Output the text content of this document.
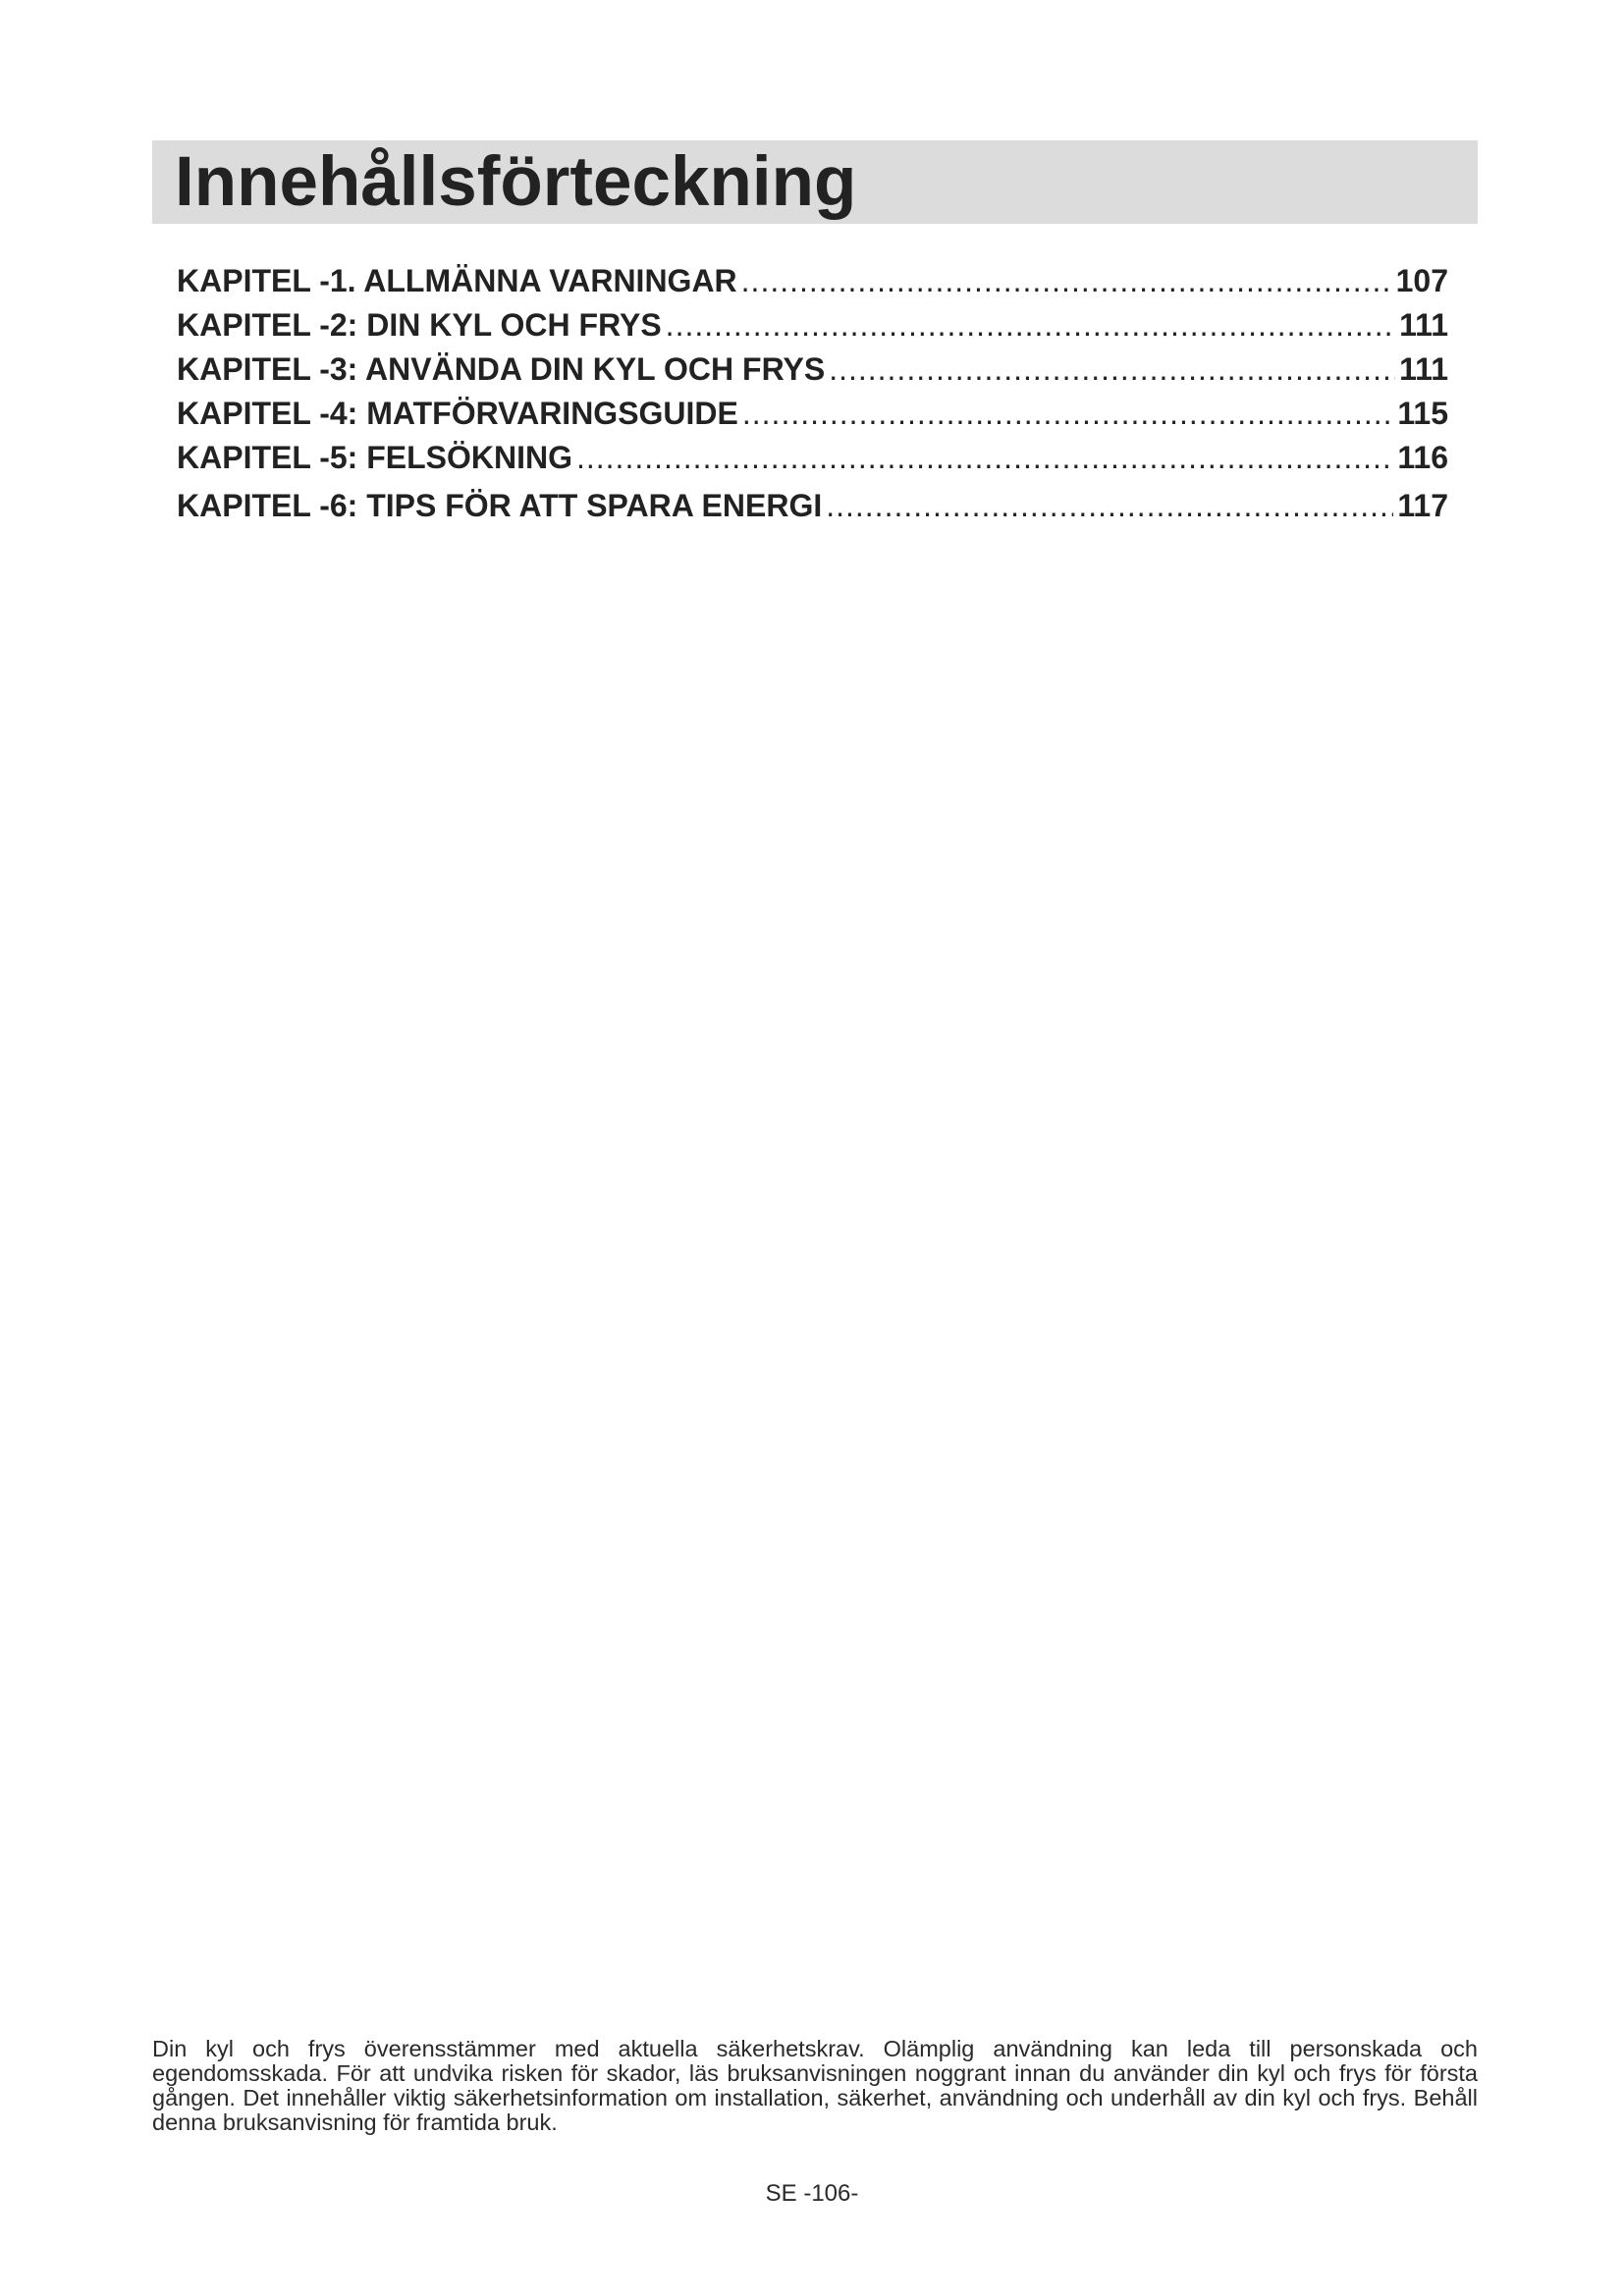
Innehållsförteckning
KAPITEL -1. ALLMÄNNA VARNINGAR .....	107
KAPITEL -2: DIN KYL OCH FRYS .....	111
KAPITEL -3: ANVÄNDA DIN KYL OCH FRYS .....	111
KAPITEL -4: MATFÖRVARINGSGUIDE .....	115
KAPITEL -5: FELSÖKNING .....	116
KAPITEL -6: TIPS FÖR ATT SPARA ENERGI .....	117

Din kyl och frys överensstämmer med aktuella säkerhetskrav. Olämplig användning kan leda till personskada och egendomsskada. För att undvika risken för skador, läs bruksanvisningen noggrant innan du använder din kyl och frys för första gången. Det innehåller viktig säkerhetsinformation om installation, säkerhet, användning och underhåll av din kyl och frys. Behåll denna bruksanvisning för framtida bruk.

SE -106-
